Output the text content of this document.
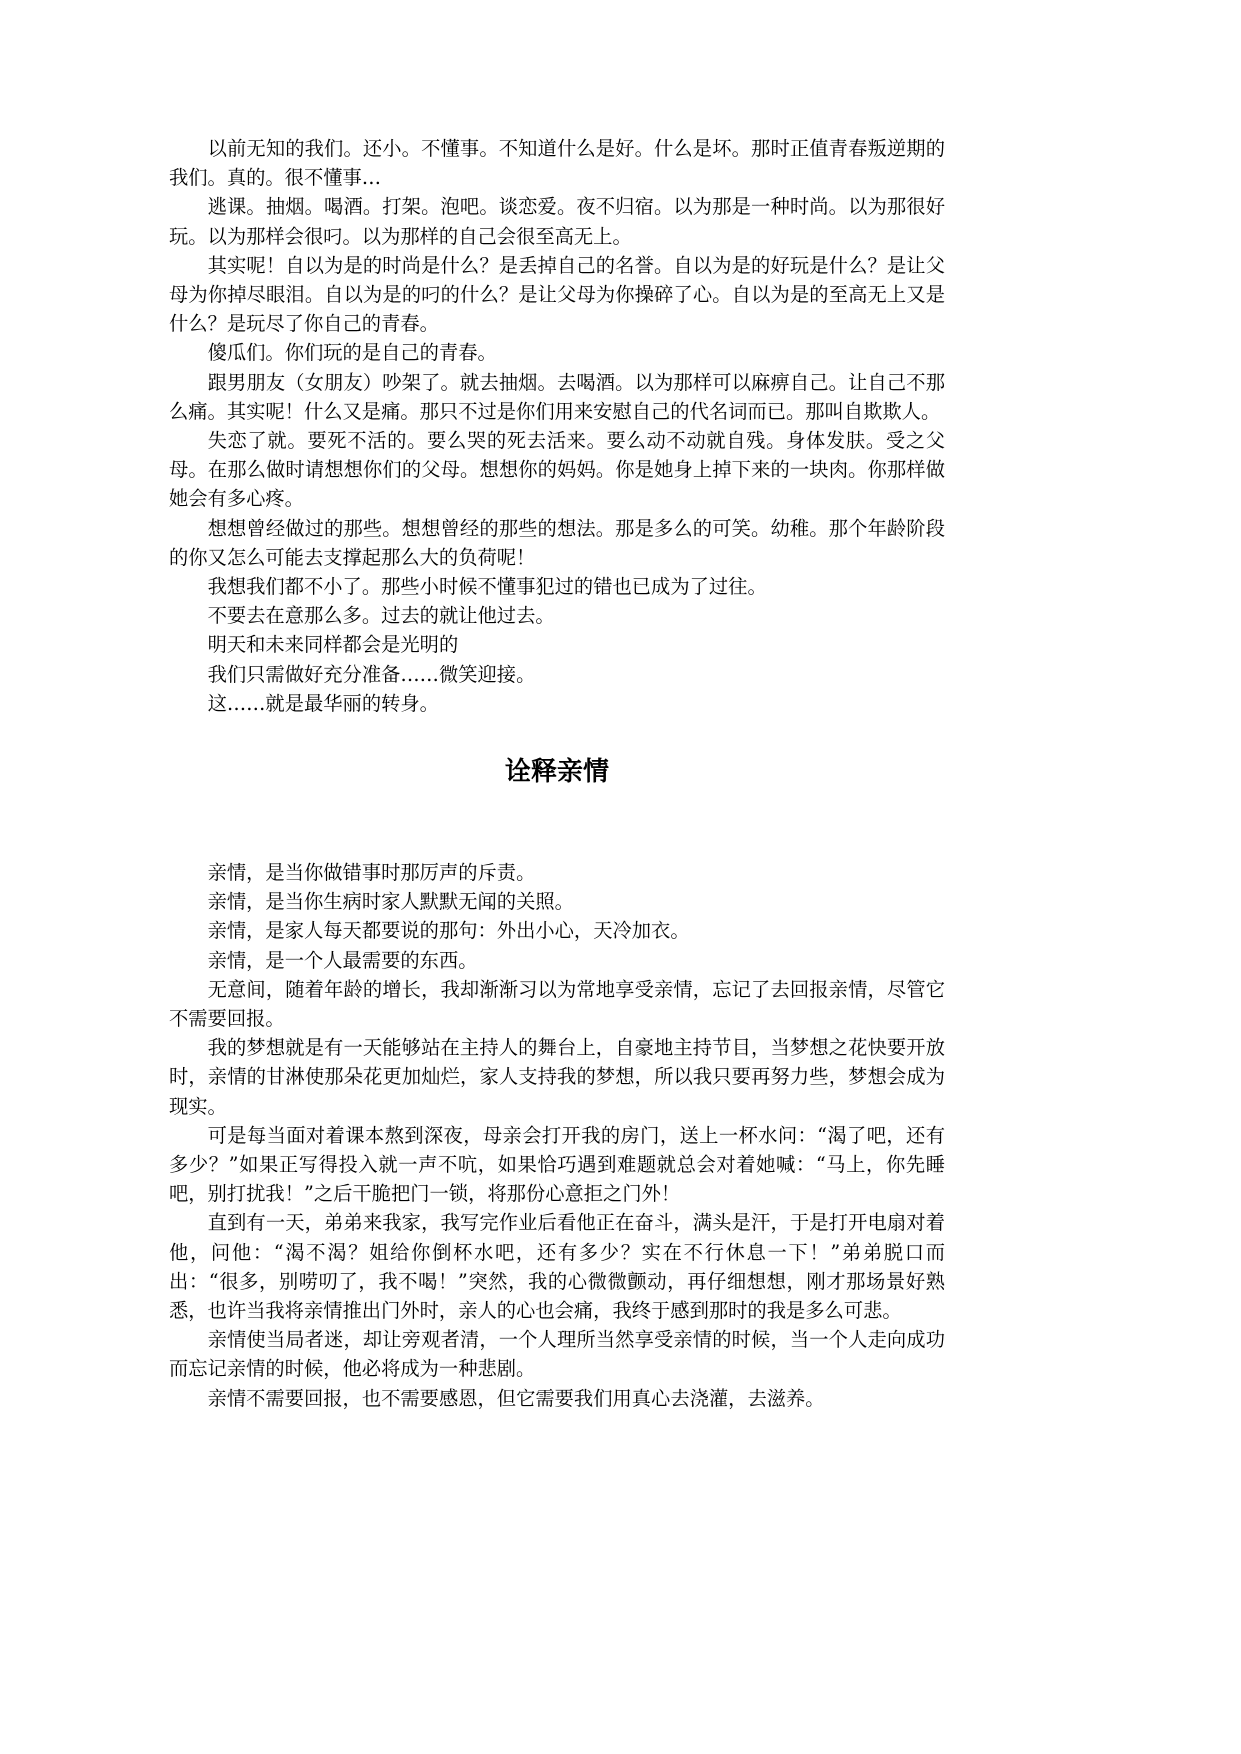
以前无知的我们。还小。不懂事。不知道什么是好。什么是坏。那时正值青春叛逆期的我们。真的。很不懂事…

逃课。抽烟。喝酒。打架。泡吧。谈恋爱。夜不归宿。以为那是一种时尚。以为那很好玩。以为那样会很叼。以为那样的自己会很至高无上。

其实呢！自以为是的时尚是什么？是丢掉自己的名誉。自以为是的好玩是什么？是让父母为你掉尽眼泪。自以为是的叼的什么？是让父母为你操碎了心。自以为是的至高无上又是什么？是玩尽了你自己的青春。

傻瓜们。你们玩的是自己的青春。

跟男朋友（女朋友）吵架了。就去抽烟。去喝酒。以为那样可以麻痹自己。让自己不那么痛。其实呢！什么又是痛。那只不过是你们用来安慰自己的代名词而已。那叫自欺欺人。

失恋了就。要死不活的。要么哭的死去活来。要么动不动就自残。身体发肤。受之父母。在那么做时请想想你们的父母。想想你的妈妈。你是她身上掉下来的一块肉。你那样做她会有多心疼。

想想曾经做过的那些。想想曾经的那些的想法。那是多么的可笑。幼稚。那个年龄阶段的你又怎么可能去支撑起那么大的负荷呢！

我想我们都不小了。那些小时候不懂事犯过的错也已成为了过往。

不要去在意那么多。过去的就让他过去。

明天和未来同样都会是光明的

我们只需做好充分准备……微笑迎接。

这……就是最华丽的转身。

诠释亲情

亲情，是当你做错事时那厉声的斥责。

亲情，是当你生病时家人默默无闻的关照。

亲情，是家人每天都要说的那句：外出小心，天冷加衣。

亲情，是一个人最需要的东西。

无意间，随着年龄的增长，我却渐渐习以为常地享受亲情，忘记了去回报亲情，尽管它不需要回报。

我的梦想就是有一天能够站在主持人的舞台上，自豪地主持节目，当梦想之花快要开放时，亲情的甘淋使那朵花更加灿烂，家人支持我的梦想，所以我只要再努力些，梦想会成为现实。

可是每当面对着课本熬到深夜，母亲会打开我的房门，送上一杯水问：“渴了吧，还有多少？”如果正写得投入就一声不吭，如果恰巧遇到难题就总会对着她喊：“马上，你先睡吧，别打扰我！”之后干脆把门一锁，将那份心意拒之门外！

直到有一天，弟弟来我家，我写完作业后看他正在奋斗，满头是汗，于是打开电扇对着他，问他：“渴不渴？姐给你倒杯水吧，还有多少？实在不行休息一下！”弟弟脱口而出：“很多，别唠叨了，我不喝！”突然，我的心微微颤动，再仔细想想，刚才那场景好熟悉，也许当我将亲情推出门外时，亲人的心也会痛，我终于感到那时的我是多么可悲。

亲情使当局者迷，却让旁观者清，一个人理所当然享受亲情的时候，当一个人走向成功而忘记亲情的时候，他必将成为一种悲剧。

亲情不需要回报，也不需要感恩，但它需要我们用真心去浇灌，去滋养。
